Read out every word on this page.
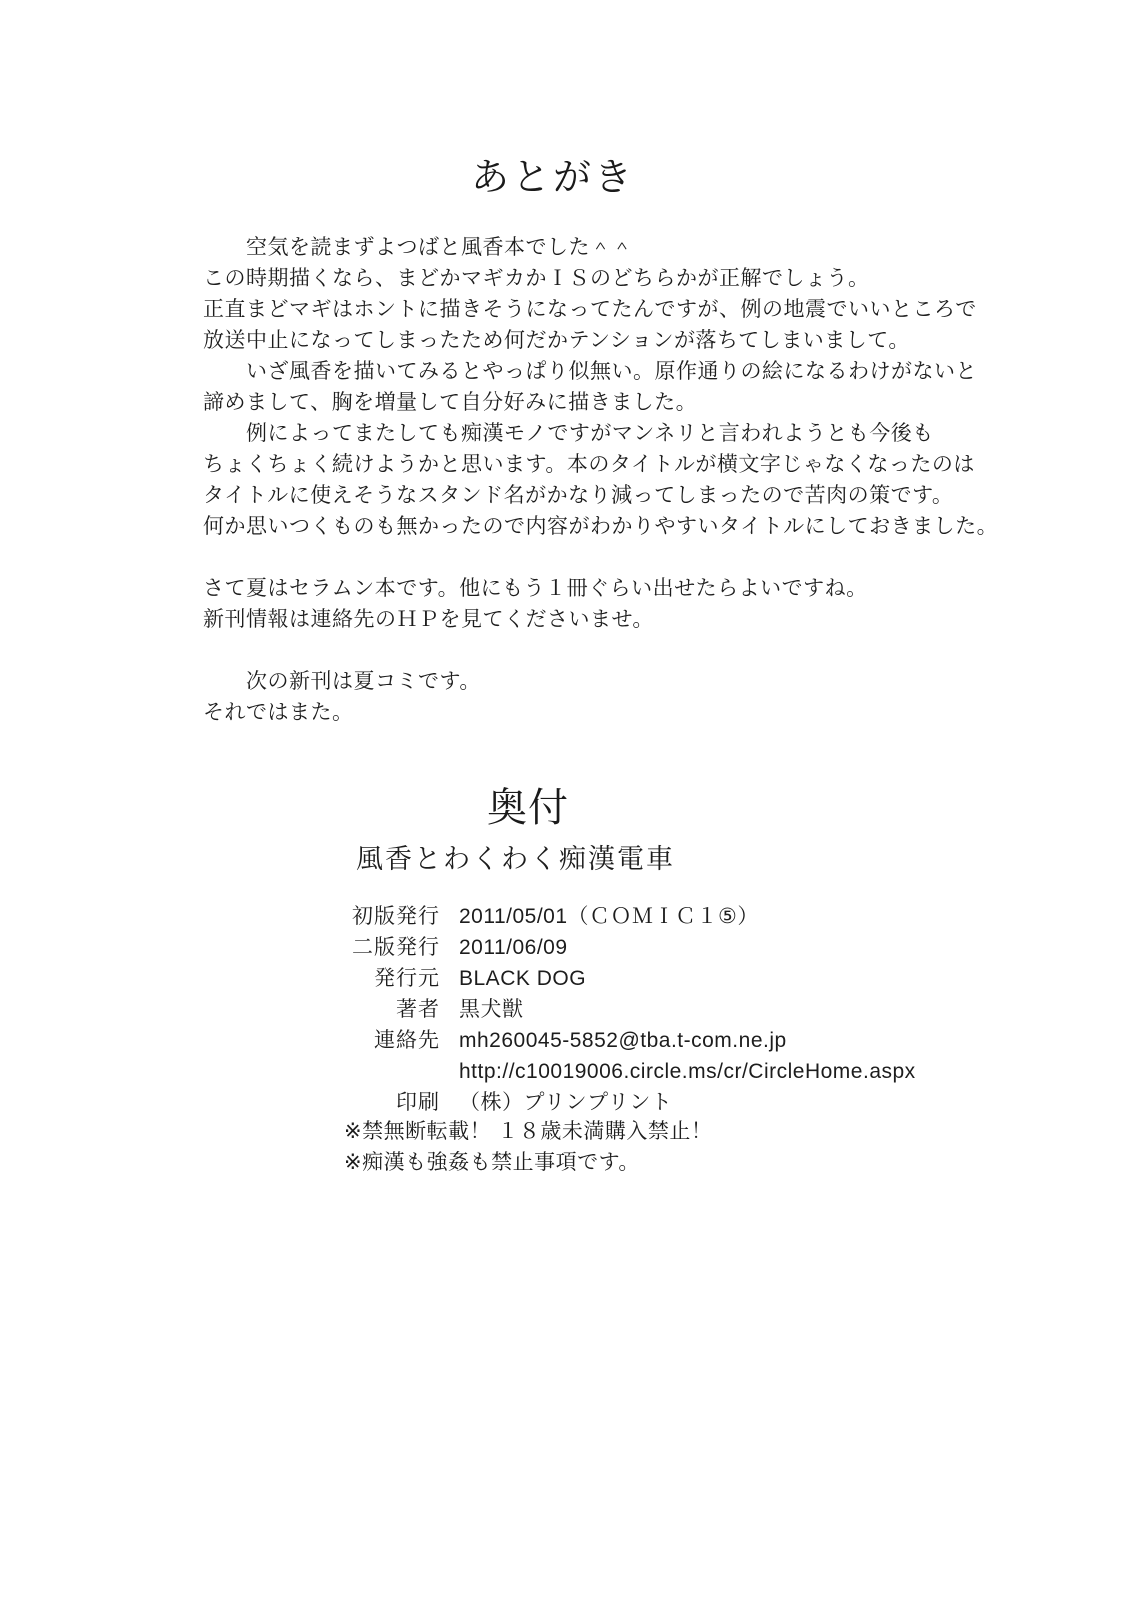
あとがき
　　空気を読まずよつばと風香本でした＾＾
この時期描くなら、まどかマギカかＩＳのどちらかが正解でしょう。
正直まどマギはホントに描きそうになってたんですが、例の地震でいいところで
放送中止になってしまったため何だかテンションが落ちてしまいまして。
　　いざ風香を描いてみるとやっぱり似無い。原作通りの絵になるわけがないと
諦めまして、胸を増量して自分好みに描きました。
　　例によってまたしても痴漢モノですがマンネリと言われようとも今後も
ちょくちょく続けようかと思います。本のタイトルが横文字じゃなくなったのは
タイトルに使えそうなスタンド名がかなり減ってしまったので苦肉の策です。
何か思いつくものも無かったので内容がわかりやすいタイトルにしておきました。
さて夏はセラムン本です。他にもう１冊ぐらい出せたらよいですね。
新刊情報は連絡先のＨＰを見てくださいませ。
　　次の新刊は夏コミです。
それではまた。
奥付
風香とわくわく痴漢電車
初版発行 2011/05/01（ＣＯＭＩＣ１⑤）
二版発行 2011/06/09
発行元 BLACK DOG
著者 黒犬獣
連絡先 mh260045-5852@tba.t-com.ne.jp
http://c10019006.circle.ms/cr/CircleHome.aspx
印刷 （株）プリンプリント
※禁無断転載！ １８歳未満購入禁止！
※痴漢も強姦も禁止事項です。
